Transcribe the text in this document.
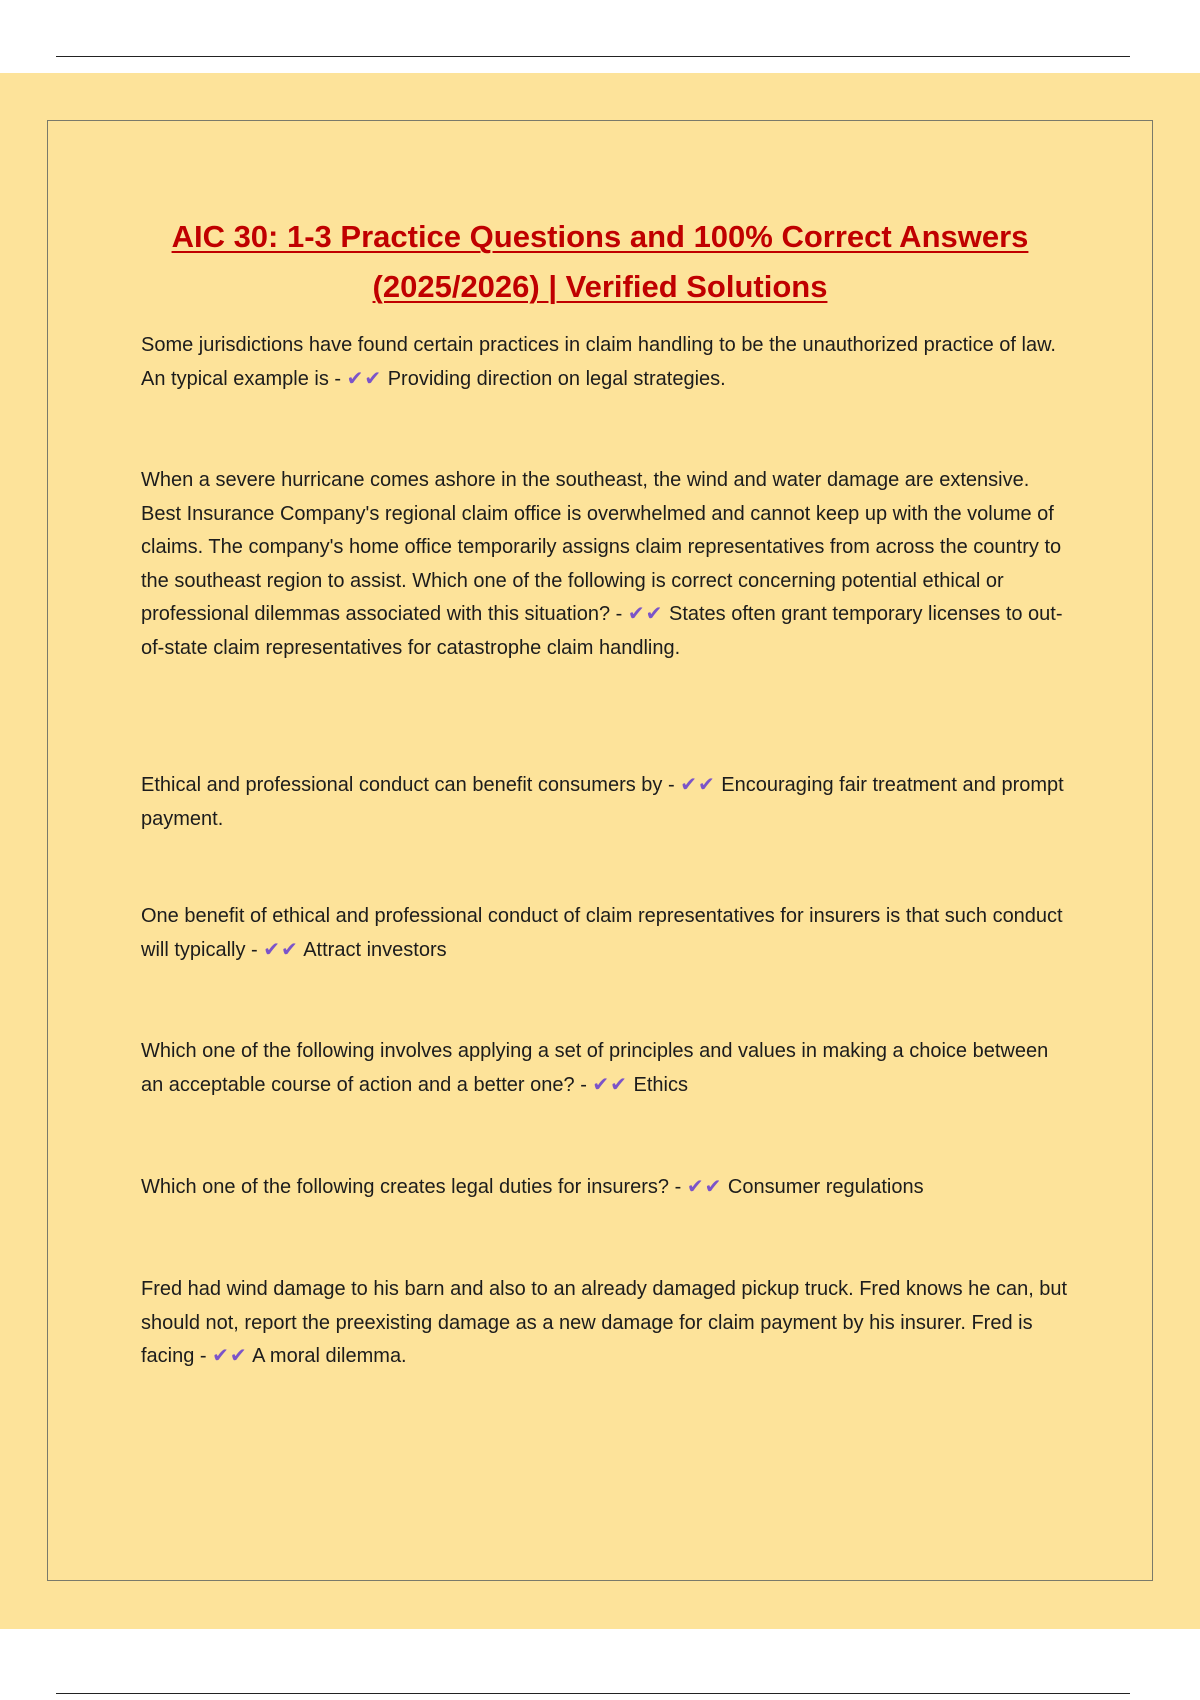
AIC 30: 1-3 Practice Questions and 100% Correct Answers (2025/2026) | Verified Solutions

Some jurisdictions have found certain practices in claim handling to be the unauthorized practice of law. An typical example is - ✔✔ Providing direction on legal strategies.

When a severe hurricane comes ashore in the southeast, the wind and water damage are extensive. Best Insurance Company's regional claim office is overwhelmed and cannot keep up with the volume of claims. The company's home office temporarily assigns claim representatives from across the country to the southeast region to assist. Which one of the following is correct concerning potential ethical or professional dilemmas associated with this situation? - ✔✔ States often grant temporary licenses to out-of-state claim representatives for catastrophe claim handling.

Ethical and professional conduct can benefit consumers by - ✔✔ Encouraging fair treatment and prompt payment.

One benefit of ethical and professional conduct of claim representatives for insurers is that such conduct will typically - ✔✔ Attract investors

Which one of the following involves applying a set of principles and values in making a choice between an acceptable course of action and a better one? - ✔✔ Ethics

Which one of the following creates legal duties for insurers? - ✔✔ Consumer regulations

Fred had wind damage to his barn and also to an already damaged pickup truck. Fred knows he can, but should not, report the preexisting damage as a new damage for claim payment by his insurer. Fred is facing - ✔✔ A moral dilemma.
